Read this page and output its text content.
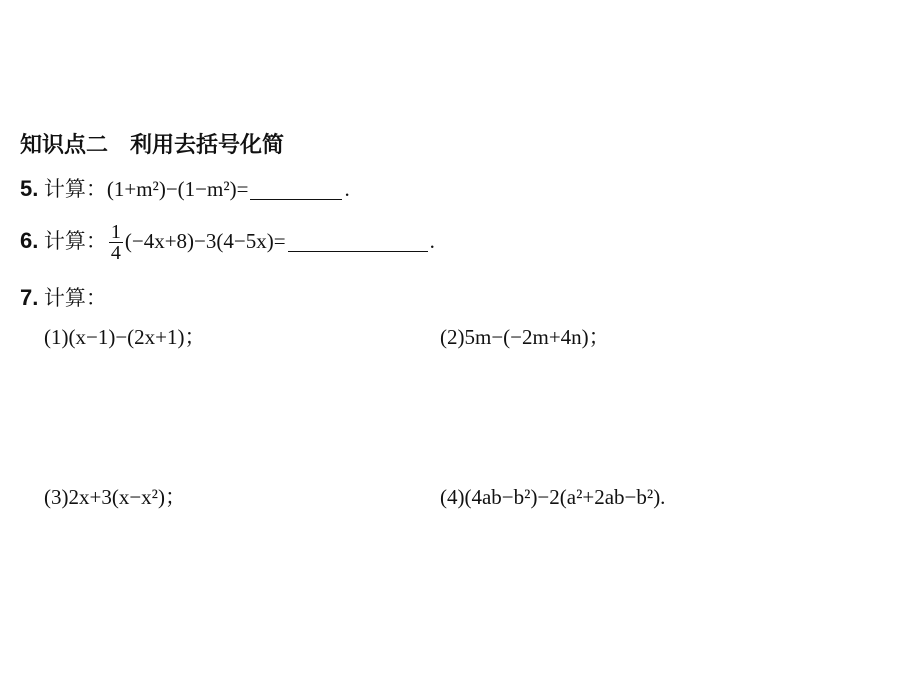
知识点二　利用去括号化简
5. 计算：(1+m²)−(1−m²)=	.
6. 计算： $\frac{1}{4} (-4x+8)-3(4-5x)=$	.
7. 计算：
(1)(x−1)−(2x+1)；	(2)5m−(−2m+4n)；
(3)2x+3(x−x²)；	(4)(4ab−b²)−2(a²+2ab−b²).
